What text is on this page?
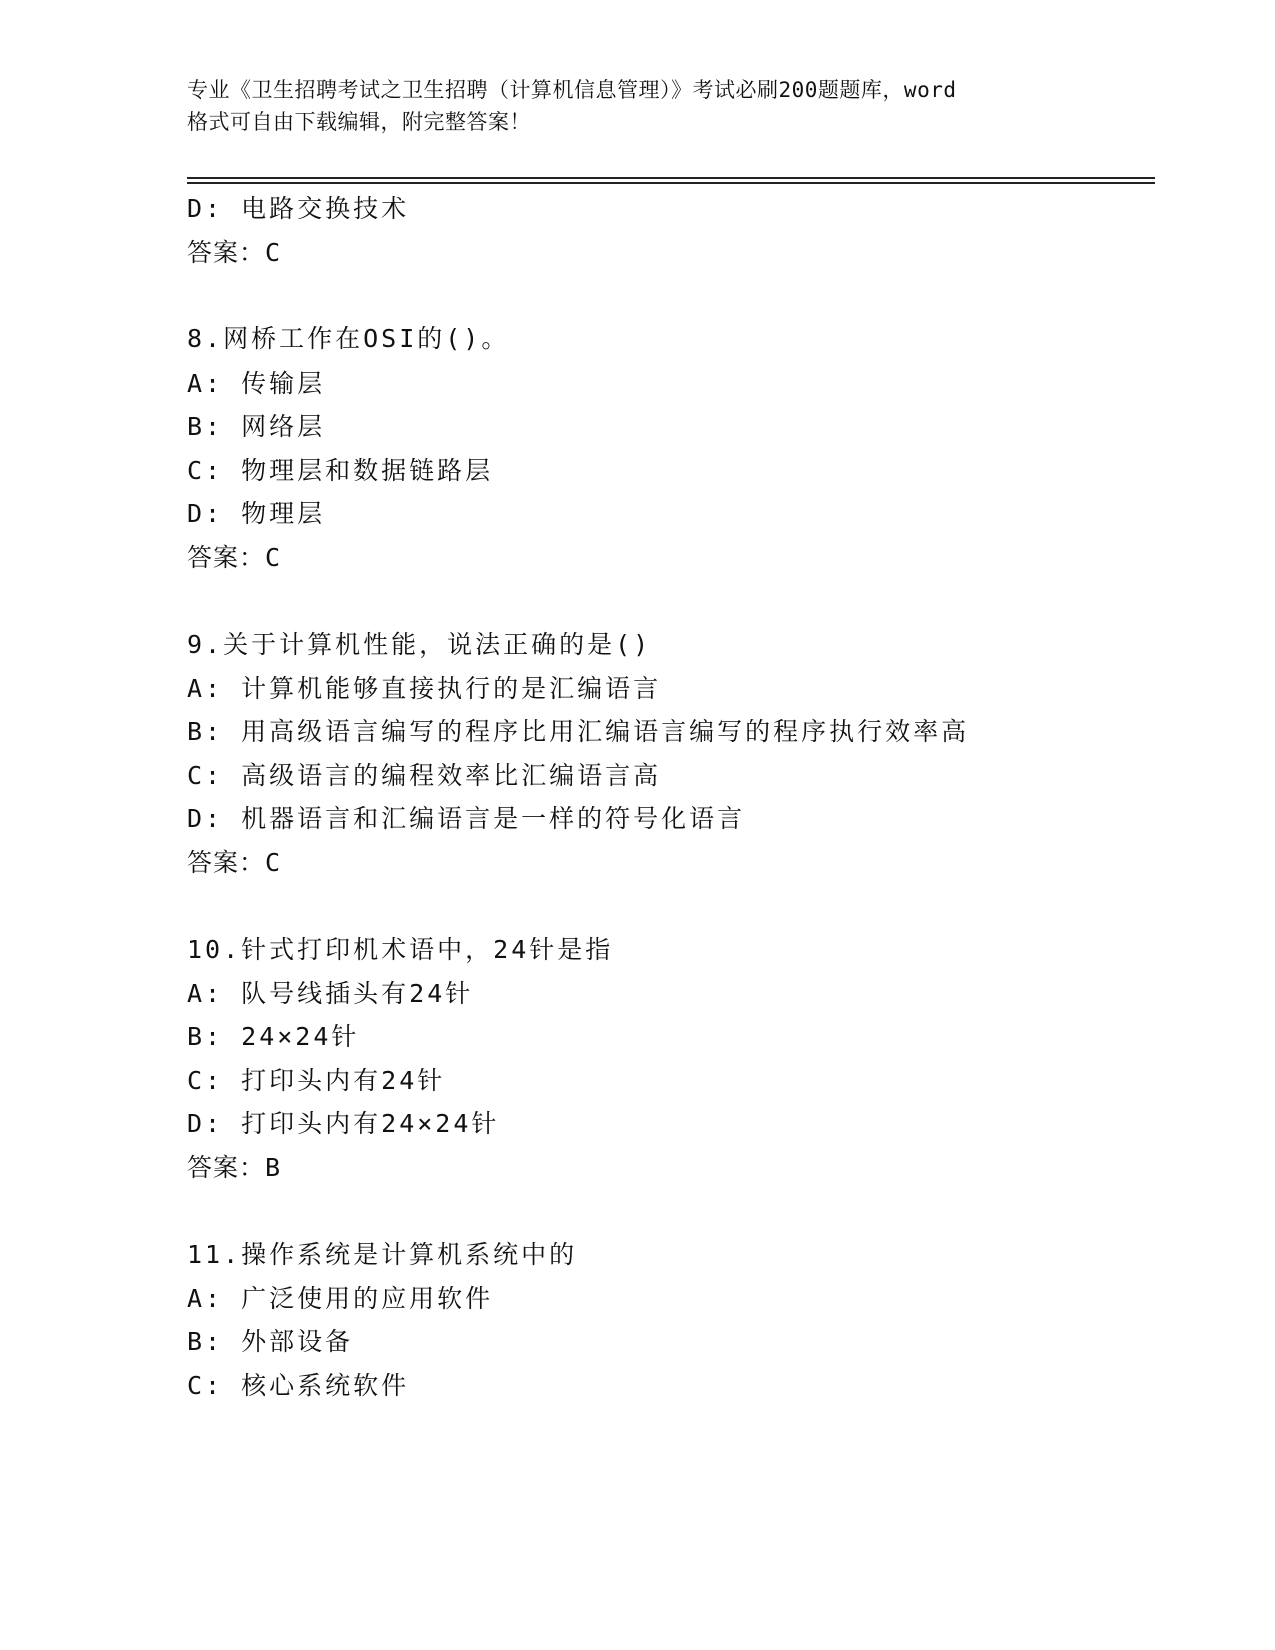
专业《卫生招聘考试之卫生招聘（计算机信息管理）》考试必刷200题题库，word
格式可自由下载编辑，附完整答案！
D: 电路交换技术
答案：C
8.网桥工作在OSI的()。
A: 传输层
B: 网络层
C: 物理层和数据链路层
D: 物理层
答案：C
9.关于计算机性能，说法正确的是()
A: 计算机能够直接执行的是汇编语言
B: 用高级语言编写的程序比用汇编语言编写的程序执行效率高
C: 高级语言的编程效率比汇编语言高
D: 机器语言和汇编语言是一样的符号化语言
答案：C
10.针式打印机术语中，24针是指
A: 队号线插头有24针
B: 24×24针
C: 打印头内有24针
D: 打印头内有24×24针
答案：B
11.操作系统是计算机系统中的
A: 广泛使用的应用软件
B: 外部设备
C: 核心系统软件
